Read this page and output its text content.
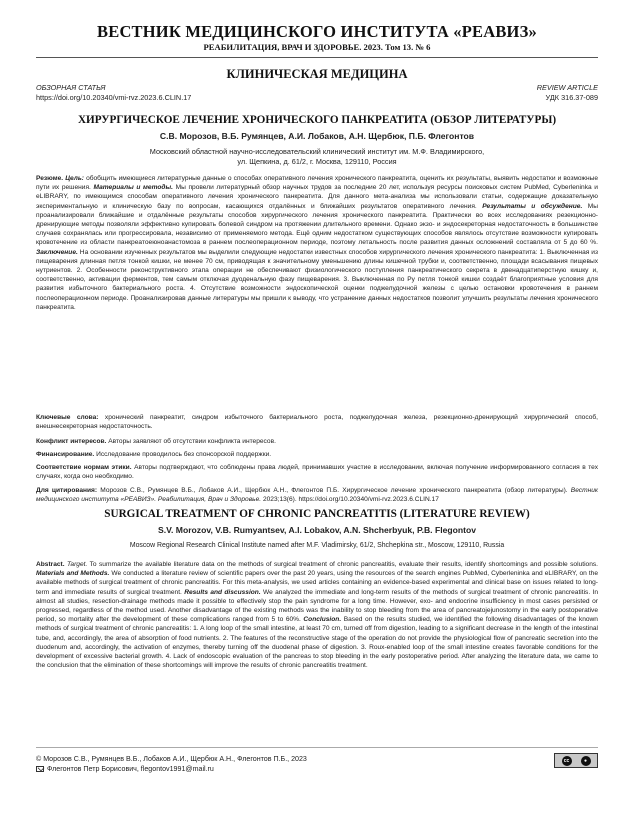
ВЕСТНИК МЕДИЦИНСКОГО ИНСТИТУТА «РЕАВИЗ»
РЕАБИЛИТАЦИЯ, ВРАЧ И ЗДОРОВЬЕ. 2023. Том 13. № 6
КЛИНИЧЕСКАЯ МЕДИЦИНА
ОБЗОРНАЯ СТАТЬЯ
https://doi.org/10.20340/vmi-rvz.2023.6.CLIN.17
REVIEW ARTICLE
УДК 316.37-089
ХИРУРГИЧЕСКОЕ ЛЕЧЕНИЕ ХРОНИЧЕСКОГО ПАНКРЕАТИТА (ОБЗОР ЛИТЕРАТУРЫ)
С.В. Морозов, В.Б. Румянцев, А.И. Лобаков, А.Н. Щербюк, П.Б. Флегонтов
Московский областной научно-исследовательский клинический институт им. М.Ф. Владимирского,
ул. Щепкина, д. 61/2, г. Москва, 129110, Россия
Резюме. Цель: обобщить имеющиеся литературные данные о способах оперативного лечения хронического панкреатита, оценить их результаты, выявить недостатки и возможные пути их решения. Материалы и методы. Мы провели литературный обзор научных трудов за последние 20 лет, используя ресурсы поисковых систем PubMed, Cyberleninka и eLIBRARY, по имеющимся способам оперативного лечения хронического панкреатита. Для данного мета-анализа мы использовали статьи, содержащие доказательную экспериментальную и клиническую базу по вопросам, касающихся отдалённых и ближайших результатов оперативного лечения. Результаты и обсуждение. Мы проанализировали ближайшие и отдалённые результаты способов хирургического лечения хронического панкреатита. Практически во всех исследованиях резекционно-дренирующие методы позволяли эффективно купировать болевой синдром на протяжении длительного времени. Однако экзо- и эндосекреторная недостаточность в большинстве случаев сохранялась или прогрессировала, независимо от применяемого метода. Ещё одним недостатком существующих способов являлось отсутствие возможности купировать кровотечение из области панкреатоеюноанастомоза в раннем послеоперационном периоде, поэтому летальность после развития данных осложнений составляла от 5 до 60 %. Заключение. На основании изученных результатов мы выделили следующие недостатки известных способов хирургического лечения хронического панкреатита: 1. Выключенная из пищеварения длинная петля тонкой кишки, не менее 70 см, приводящая к значительному уменьшению длины кишечной трубки и, соответственно, площади всасывания пищевых нутриентов. 2. Особенности реконструктивного этапа операции не обеспечивают физиологического поступления панкреатического секрета в двенадцатиперстную кишку и, соответственно, активации ферментов, тем самым отключая дуоденальную фазу пищеварения. 3. Выключенная по Ру петля тонкой кишки создаёт благоприятные условия для развития избыточного бактериального роста. 4. Отсутствие возможности эндоскопической оценки поджелудочной железы с целью остановки кровотечения в раннем послеоперационном периоде. Проанализировав данные литературы мы пришли к выводу, что устранение данных недостатков позволит улучшить результаты лечения хронического панкреатита.
Ключевые слова: хронический панкреатит, синдром избыточного бактериального роста, поджелудочная железа, резекционно-дренирующий хирургический способ, внешнесекреторная недостаточность.
Конфликт интересов. Авторы заявляют об отсутствии конфликта интересов.
Финансирование. Исследование проводилось без спонсорской поддержки.
Соответствие нормам этики. Авторы подтверждают, что соблюдены права людей, принимавших участие в исследовании, включая получение информированного согласия в тех случаях, когда оно необходимо.
Для цитирования: Морозов С.В., Румянцев В.Б., Лобаков А.И., Щербюк А.Н., Флегонтов П.Б. Хирургическое лечение хронического панкреатита (обзор литературы). Вестник медицинского института «РЕАВИЗ». Реабилитация, Врач и Здоровье. 2023;13(6). https://doi.org/10.20340/vmi-rvz.2023.6.CLIN.17
SURGICAL TREATMENT OF CHRONIC PANCREATITIS (LITERATURE REVIEW)
S.V. Morozov, V.B. Rumyantsev, A.I. Lobakov, A.N. Shcherbyuk, P.B. Flegontov
Moscow Regional Research Clinical Institute named after M.F. Vladimirsky, 61/2, Shchepkina str., Moscow, 129110, Russia
Abstract. Target. To summarize the available literature data on the methods of surgical treatment of chronic pancreatitis, evaluate their results, identify shortcomings and possible solutions. Materials and Methods. We conducted a literature review of scientific papers over the past 20 years, using the resources of the search engines PubMed, Cyberleninka and eLIBRARY, on the available methods of surgical treatment of chronic pancreatitis. For this meta-analysis, we used articles containing an evidence-based experimental and clinical base on issues related to long-term and immediate results of surgical treatment. Results and discussion. We analyzed the immediate and long-term results of the methods of surgical treatment of chronic pancreatitis. In almost all studies, resection-drainage methods made it possible to effectively stop the pain syndrome for a long time. However, exo- and endocrine insufficiency in most cases persisted or progressed, regardless of the method used. Another disadvantage of the existing methods was the inability to stop bleeding from the area of pancreatojejunostomy in the early postoperative period, so mortality after the development of these complications ranged from 5 to 60%. Conclusion. Based on the results studied, we identified the following disadvantages of the known methods of surgical treatment of chronic pancreatitis: 1. A long loop of the small intestine, at least 70 cm, turned off from digestion, leading to a significant decrease in the length of the intestinal tube, and, accordingly, the area of absorption of food nutrients. 2. The features of the reconstructive stage of the operation do not provide the physiological flow of pancreatic secretion into the duodenum and, accordingly, the activation of enzymes, thereby turning off the duodenal phase of digestion. 3. Roux-enabled loop of the small intestine creates favorable conditions for the development of excessive bacterial growth. 4. Lack of endoscopic evaluation of the pancreas to stop bleeding in the early postoperative period. After analyzing the literature data, we came to the conclusion that the elimination of these shortcomings will improve the results of chronic pancreatitis treatment.
© Морозов С.В., Румянцев В.Б., Лобаков А.И., Щербюк А.Н., Флегонтов П.Б., 2023
Флегонтов Петр Борисович, flegontov1991@mail.ru
cc	●
